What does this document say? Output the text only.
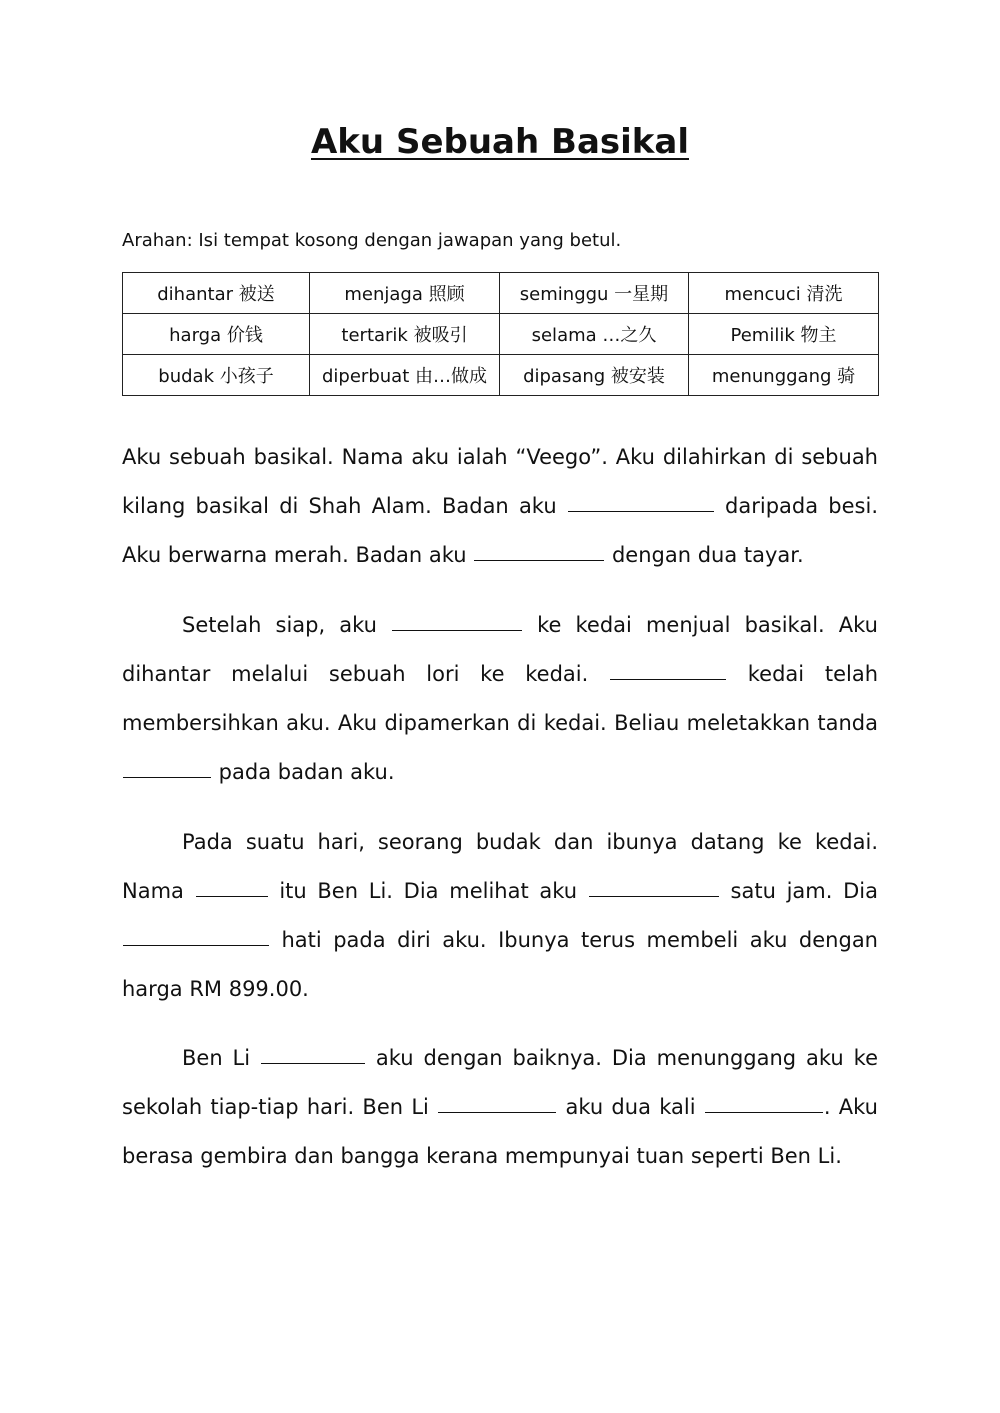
Aku Sebuah Basikal

Arahan: Isi tempat kosong dengan jawapan yang betul.

dihantar 被送	menjaga 照顾	seminggu 一星期	mencuci 清洗
harga 价钱	tertarik 被吸引	selama …之久	Pemilik 物主
budak 小孩子	diperbuat 由…做成	dipasang 被安装	menunggang 骑

Aku sebuah basikal. Nama aku ialah “Veego”. Aku dilahirkan di sebuah kilang basikal di Shah Alam. Badan aku	daripada besi. Aku berwarna merah. Badan aku	dengan dua tayar.

Setelah siap, aku	ke kedai menjual basikal. Aku dihantar melalui sebuah lori ke kedai.	kedai telah membersihkan aku. Aku dipamerkan di kedai. Beliau meletakkan tanda  pada badan aku.

Pada suatu hari, seorang budak dan ibunya datang ke kedai. Nama	itu Ben Li. Dia melihat aku	satu jam. Dia  hati pada diri aku. Ibunya terus membeli aku dengan harga RM 899.00.

Ben Li	aku dengan baiknya. Dia menunggang aku ke sekolah tiap-tiap hari. Ben Li	aku dua kali	. Aku berasa gembira dan bangga kerana mempunyai tuan seperti Ben Li.
